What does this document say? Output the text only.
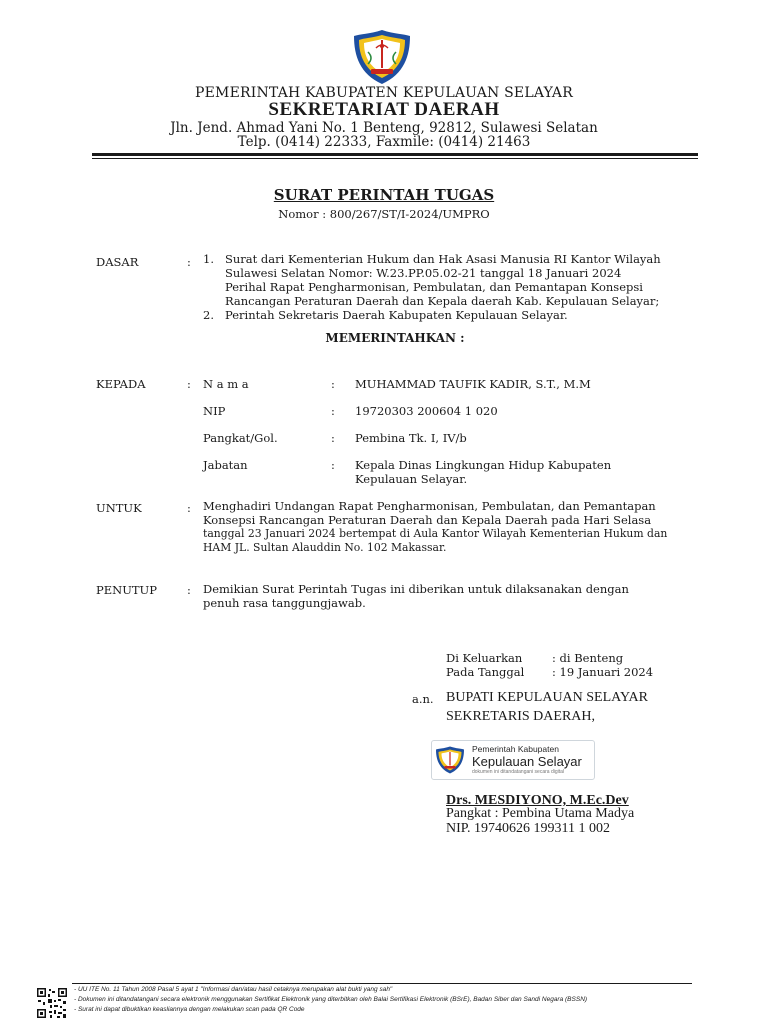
PEMERINTAH KABUPATEN KEPULAUAN SELAYAR
SEKRETARIAT DAERAH
Jln. Jend. Ahmad Yani No. 1 Benteng, 92812, Sulawesi Selatan
Telp. (0414) 22333, Faxmile: (0414) 21463
SURAT PERINTAH TUGAS
Nomor : 800/267/ST/I-2024/UMPRO
DASAR	: 1. Surat dari Kementerian Hukum dan Hak Asasi Manusia RI Kantor Wilayah
Sulawesi Selatan Nomor: W.23.PP.05.02-21 tanggal 18 Januari 2024
Perihal Rapat Pengharmonisan, Pembulatan, dan Pemantapan Konsepsi
Rancangan Peraturan Daerah dan Kepala daerah Kab. Kepulauan Selayar;
2. Perintah Sekretaris Daerah Kabupaten Kepulauan Selayar.
MEMERINTAHKAN :
KEPADA	: N a m a	: MUHAMMAD TAUFIK KADIR, S.T., M.M
NIP	: 19720303 200604 1 020
Pangkat/Gol.	: Pembina Tk. I, IV/b
Jabatan	: Kepala Dinas Lingkungan Hidup Kabupaten
Kepulauan Selayar.
UNTUK	: Menghadiri Undangan Rapat Pengharmonisan, Pembulatan, dan Pemantapan
Konsepsi Rancangan Peraturan Daerah dan Kepala Daerah pada Hari Selasa
tanggal 23 Januari 2024 bertempat di Aula Kantor Wilayah Kementerian Hukum dan
HAM JL. Sultan Alauddin No. 102 Makassar.
PENUTUP	: Demikian Surat Perintah Tugas ini diberikan untuk dilaksanakan dengan
penuh rasa tanggungjawab.
Di Keluarkan	: di Benteng
Pada Tanggal : 19 Januari 2024
a.n. BUPATI KEPULAUAN SELAYAR
SEKRETARIS DAERAH,
Pemerintah Kabupaten
Kepulauan Selayar
dokumen ini ditandatangani secara digital
Drs. MESDIYONO, M.Ec.Dev
Pangkat : Pembina Utama Madya
NIP. 19740626 199311 1 002
- UU ITE No. 11 Tahun 2008 Pasal 5 ayat 1 "Informasi dan/atau hasil cetaknya merupakan alat bukti yang sah"
- Dokumen ini ditandatangani secara elektronik menggunakan Sertifikat Elektronik yang diterbitkan oleh Balai Sertifikasi Elektronik (BSrE), Badan Siber dan Sandi Negara (BSSN)
- Surat ini dapat dibuktikan keasliannya dengan melakukan scan pada QR Code
